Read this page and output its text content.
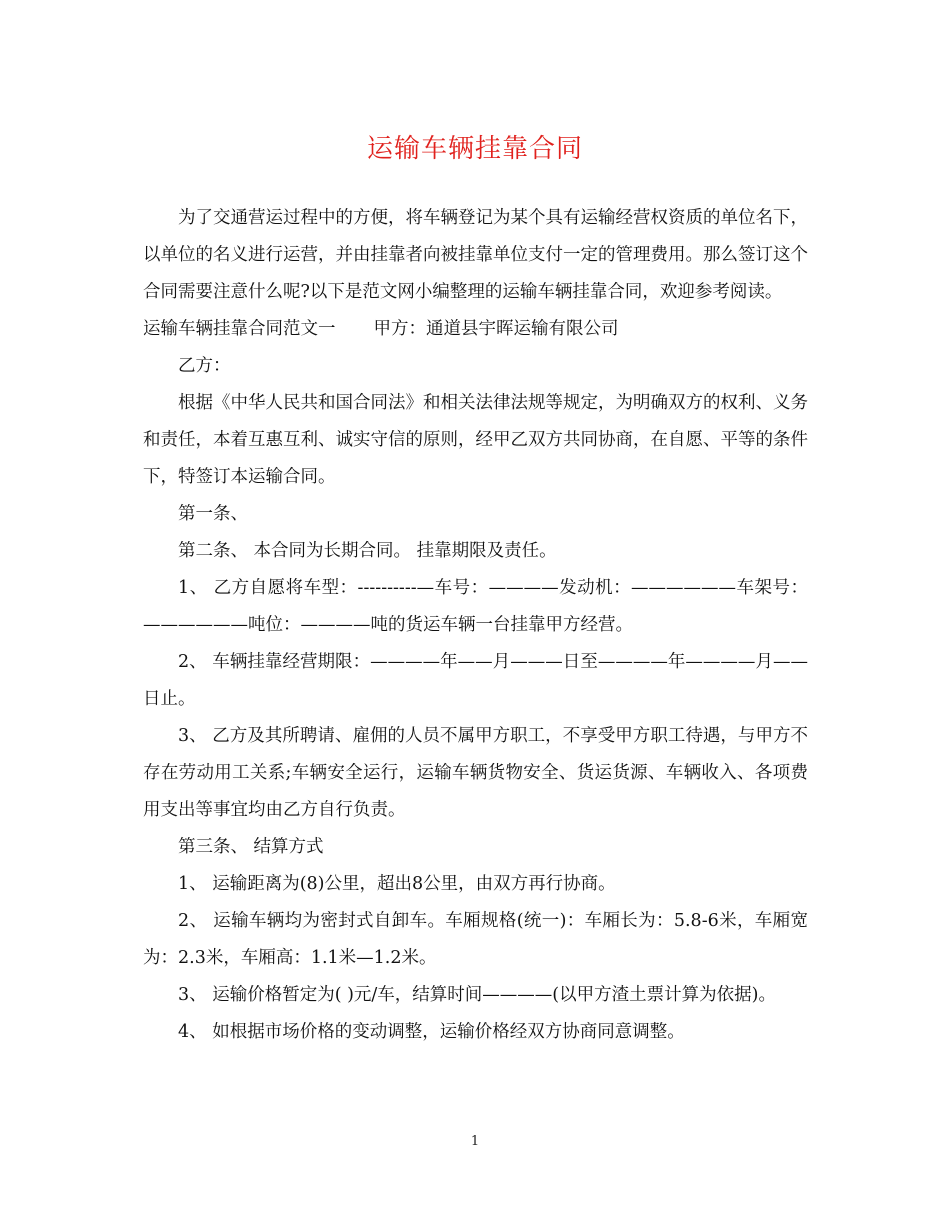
运输车辆挂靠合同

为了交通营运过程中的方便，将车辆登记为某个具有运输经营权资质的单位名下，以单位的名义进行运营，并由挂靠者向被挂靠单位支付一定的管理费用。那么签订这个合同需要注意什么呢?以下是范文网小编整理的运输车辆挂靠合同，欢迎参考阅读。

运输车辆挂靠合同范文一 甲方：通道县宇晖运输有限公司

乙方：

根据《中华人民共和国合同法》和相关法律法规等规定，为明确双方的权利、义务和责任，本着互惠互利、诚实守信的原则，经甲乙双方共同协商，在自愿、平等的条件下，特签订本运输合同。

第一条、

第二条、 本合同为长期合同。 挂靠期限及责任。

1、 乙方自愿将车型：----------—车号：————发动机：——————车架号：——————吨位：————吨的货运车辆一台挂靠甲方经营。

2、 车辆挂靠经营期限：————年——月———日至————年————月——日止。

3、 乙方及其所聘请、雇佣的人员不属甲方职工，不享受甲方职工待遇，与甲方不存在劳动用工关系;车辆安全运行，运输车辆货物安全、货运货源、车辆收入、各项费用支出等事宜均由乙方自行负责。

第三条、 结算方式

1、 运输距离为(8)公里，超出8公里，由双方再行协商。

2、 运输车辆均为密封式自卸车。车厢规格(统一)：车厢长为：5.8-6米，车厢宽为：2.3米，车厢高：1.1米—1.2米。

3、 运输价格暂定为( )元/车，结算时间————(以甲方渣土票计算为依据)。

4、 如根据市场价格的变动调整，运输价格经双方协商同意调整。

1
